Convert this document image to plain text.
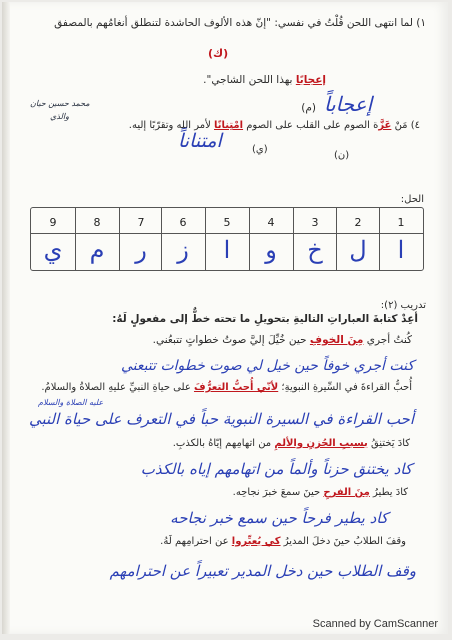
١) لما انتهى اللحن قُلْتُ في نفسي: "إنّ هذه الألوف الحاشدة لتنطلق أنغامُهم بالمصفق
(ك)
إعجابًا بهذا اللحن الشاجي".
(م) إعجاباً
محمد حسين حيان
والذي
٤) مَنْ عَزَّة الصوم على القلب على الصوم امْتِنانًا لأمر الله وتقرّبًا إليه.
امتناناً	(ي)
(ن)
الحل:
9	8	7	6	5	4	3	2	1
ي	م	ر	ز	ا	و	خ	ل	ا
تدريب (٢):
أعِدْ كتابةَ العباراتِ التاليةِ بتحويلِ ما تحته خطٌّ إلى مفعولٍ لَهُ:
كُنتُ أجري مِنَ الخوفِ حين خُيِّلَ إليَّ صوتُ خطواتٍ تتبعُني.
كنت أجري خوفاً حين خيل لي صوت خطوات تتبعني
أُحبُّ القراءةَ في السِّيرةِ النبويةِ؛ لأنّي أُحبُّ التعرُّفَ على حياةِ النبيِّ عليهِ الصلاةُ والسلامُ.
أحب القراءة في السيرة النبوية حباً في التعرف على حياة النبي
عليه الصلاة والسلام
كادَ يَختنِقُ بسببِ الحُزنِ والألمِ من اتهامِهم إيّاهُ بالكذبِ.
كاد يختنق حزناً وألماً من اتهامهم إياه بالكذب
كادَ يطيرُ مِنَ الفرحِ حينَ سمعَ خبرَ نجاحِه.
كاد يطير فرحاً حين سمع خبر نجاحه
وقفَ الطلابُ حينَ دخلَ المديرُ كي يُعبِّروا عن احترامِهم لَهُ.
وقف الطلاب حين دخل المدير تعبيراً عن احترامهم
Scanned by CamScanner
